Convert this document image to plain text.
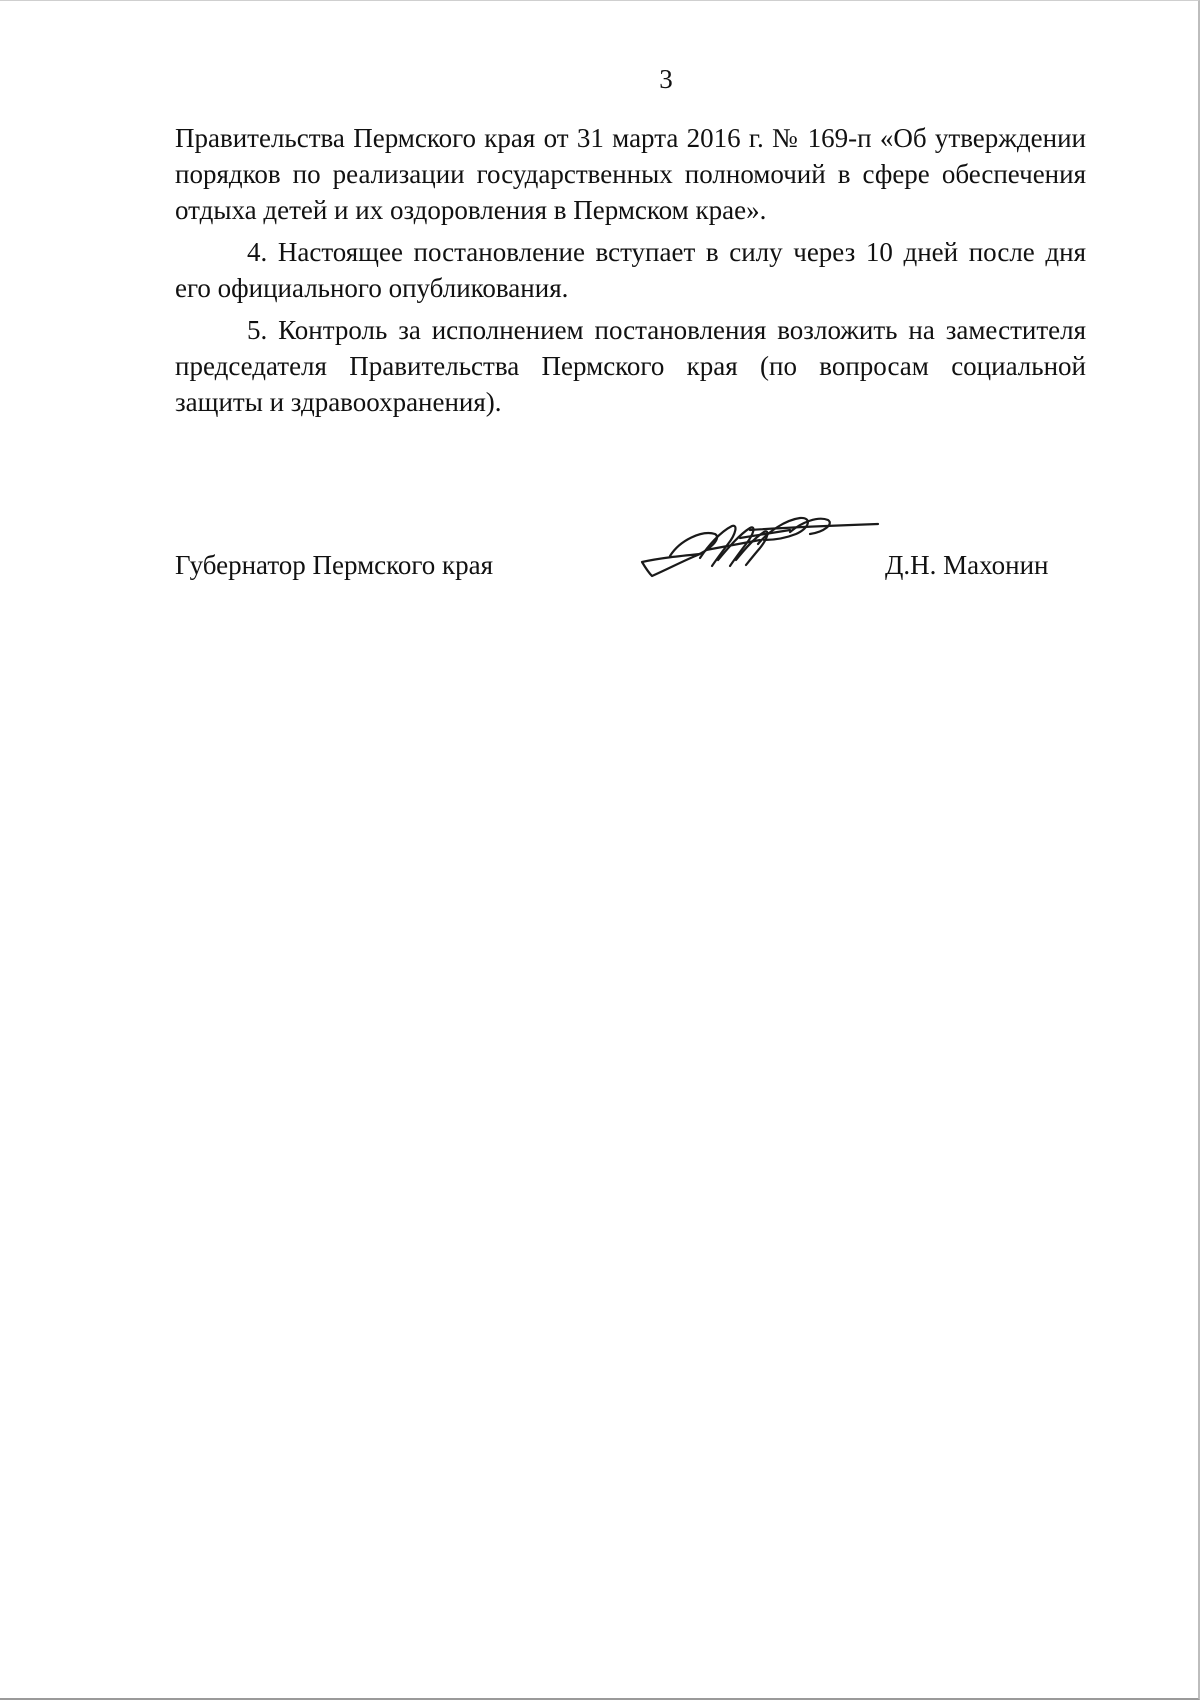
3

Правительства Пермского края от 31 марта 2016 г. № 169-п «Об утверждении порядков по реализации государственных полномочий в сфере обеспечения отдыха детей и их оздоровления в Пермском крае».

4. Настоящее постановление вступает в силу через 10 дней после дня его официального опубликования.

5. Контроль за исполнением постановления возложить на заместителя председателя Правительства Пермского края (по вопросам социальной защиты и здравоохранения).

Губернатор Пермского края	Д.Н. Махонин
